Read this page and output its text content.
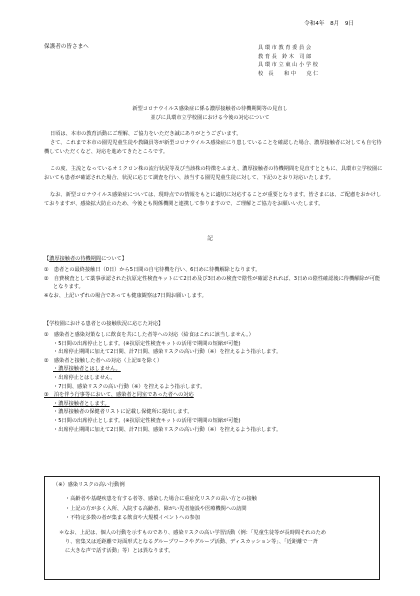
令和4年　8月　9日
保護者の皆さまへ	具 環 市 教 育 委 員 会
教 育 長　鈴 木　司 郎
具 環 市 立 東 山 小 学 校
校　長　　和 中　　克 仁
新型コロナウイルス感染症に係る濃厚接触者の待機期間等の見直し
並びに具環市立学校園における今後の対応について
日頃は、本市の教育活動にご理解、ご協力をいただき誠にありがとうございます。
さて、これまで本市の園児児童生徒や教職員等が新型コロナウイルス感染症にり患していることを確認した場合、濃厚接触者に対しても自宅待機していただくなど、対応を進めてきたところです。
この度、主流となっているオミクロン株の流行状況等及び当該株の特徴をふまえ、濃厚接触者の待機期間を見直すとともに、具環市立学校園においても患者が確認された場合、状況に応じて調査を行い、該当する園児児童生徒に対して、下記のとおり対応いたします。
なお、新型コロナウイルス感染症については、現時点での情報をもとに適切に対応することが重要となります。皆さまには、ご配慮をおかけしておりますが、感染拡大防止のため、今後とも関係機関と連携して参りますので、ご理解とご協力をお願いいたします。
記
【濃厚接触者の待機期間について】
①　患者との最終接触日（0日）から5日間の自宅待機を行い、6日めに待機解除となります。
②　自費検査として薬事承認された抗原定性検査キットにて2日め及び3日めの検査で陰性が確認されれば、3日めの陰性確認後に待機解除が可能となります。
※なお、上記いずれの場合であっても健康観察は7日間お願いします。
【学校園における患者との接触状況に応じた対応】
①　感染者と感染対策なしに飲食を共にした者等への対応（給食はこれに該当しません。）
・5日間の出席停止とします。(※抗原定性検査キットの活用で期間の短縮が可能)
・出席停止期間に加えて2日間、計7日間、感染リスクの高い行動（※）を控えるよう指示します。
②　感染者と接触した者への対応（上記①を除く）
・濃厚接触者とはしません。
・出席停止とはしません。
・7日間、感染リスクの高い行動（※）を控えるよう指示します。
③　泊を伴う行事等において、感染者と同室であった者への対応
・濃厚接触者とします。
・濃厚接触者の保健者リストに記載し保健所に提出します。
・5日間の出席停止とします。(※抗原定性検査キットの活用で期間の短縮が可能)
・出席停止期間に加えて2日間、計7日間、感染リスクの高い行動（※）を控えるよう指示します。
（※）感染リスクの高い行動例
・高齢者や基礎疾患を有する者等、感染した場合に重症化リスクの高い方との接触
・上記の方が多く入所、入院する高齢者、障がい児者施設や医療機関への訪問
・不特定多数の者が集まる飲食や大規模イベントへの参加
＊なお、上記は、個人の行動を示すものであり、感染リスクの高い学習活動（例：「児童生徒等が長時間それのため
り、密集又は近距離で対面形式となるグループワークやグループ活動、ディスカッション等」、「近距離で一斉
に大きな声で話す活動」等）とは異なります。
